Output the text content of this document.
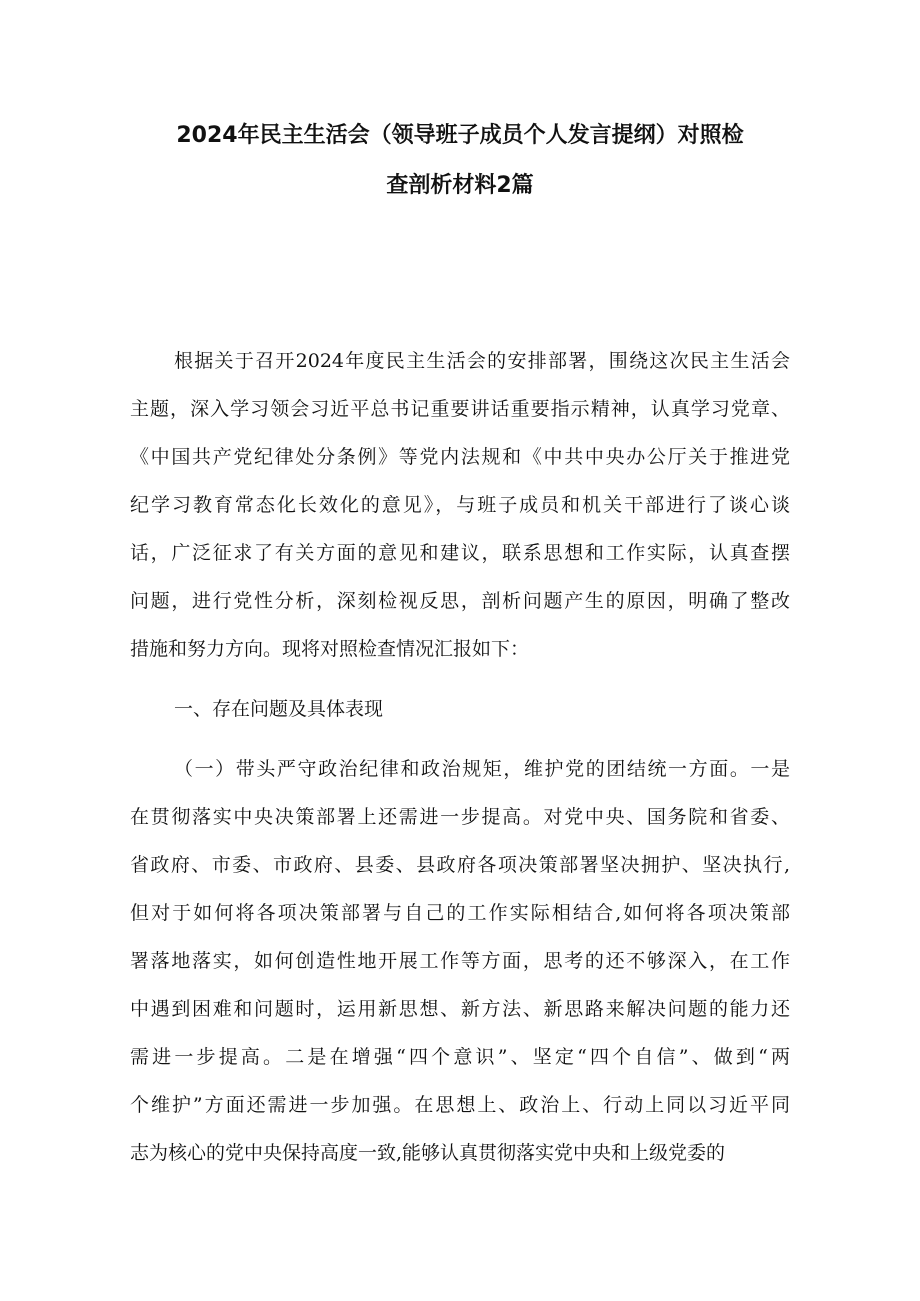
2024年民主生活会（领导班子成员个人发言提纲）对照检
查剖析材料2篇
根据关于召开2024年度民主生活会的安排部署，围绕这次民主生活会
主题，深入学习领会习近平总书记重要讲话重要指示精神，认真学习党章、
《中国共产党纪律处分条例》等党内法规和《中共中央办公厅关于推进党
纪学习教育常态化长效化的意见》，与班子成员和机关干部进行了谈心谈
话，广泛征求了有关方面的意见和建议，联系思想和工作实际，认真查摆
问题，进行党性分析，深刻检视反思，剖析问题产生的原因，明确了整改
措施和努力方向。现将对照检查情况汇报如下：
一、存在问题及具体表现
（一）带头严守政治纪律和政治规矩，维护党的团结统一方面。一是
在贯彻落实中央决策部署上还需进一步提高。对党中央、国务院和省委、
省政府、市委、市政府、县委、县政府各项决策部署坚决拥护、坚决执行,
但对于如何将各项决策部署与自己的工作实际相结合,如何将各项决策部
署落地落实，如何创造性地开展工作等方面，思考的还不够深入，在工作
中遇到困难和问题时，运用新思想、新方法、新思路来解决问题的能力还
需进一步提高。二是在增强“四个意识”、坚定“四个自信”、做到“两
个维护”方面还需进一步加强。在思想上、政治上、行动上同以习近平同
志为核心的党中央保持高度一致,能够认真贯彻落实党中央和上级党委的
